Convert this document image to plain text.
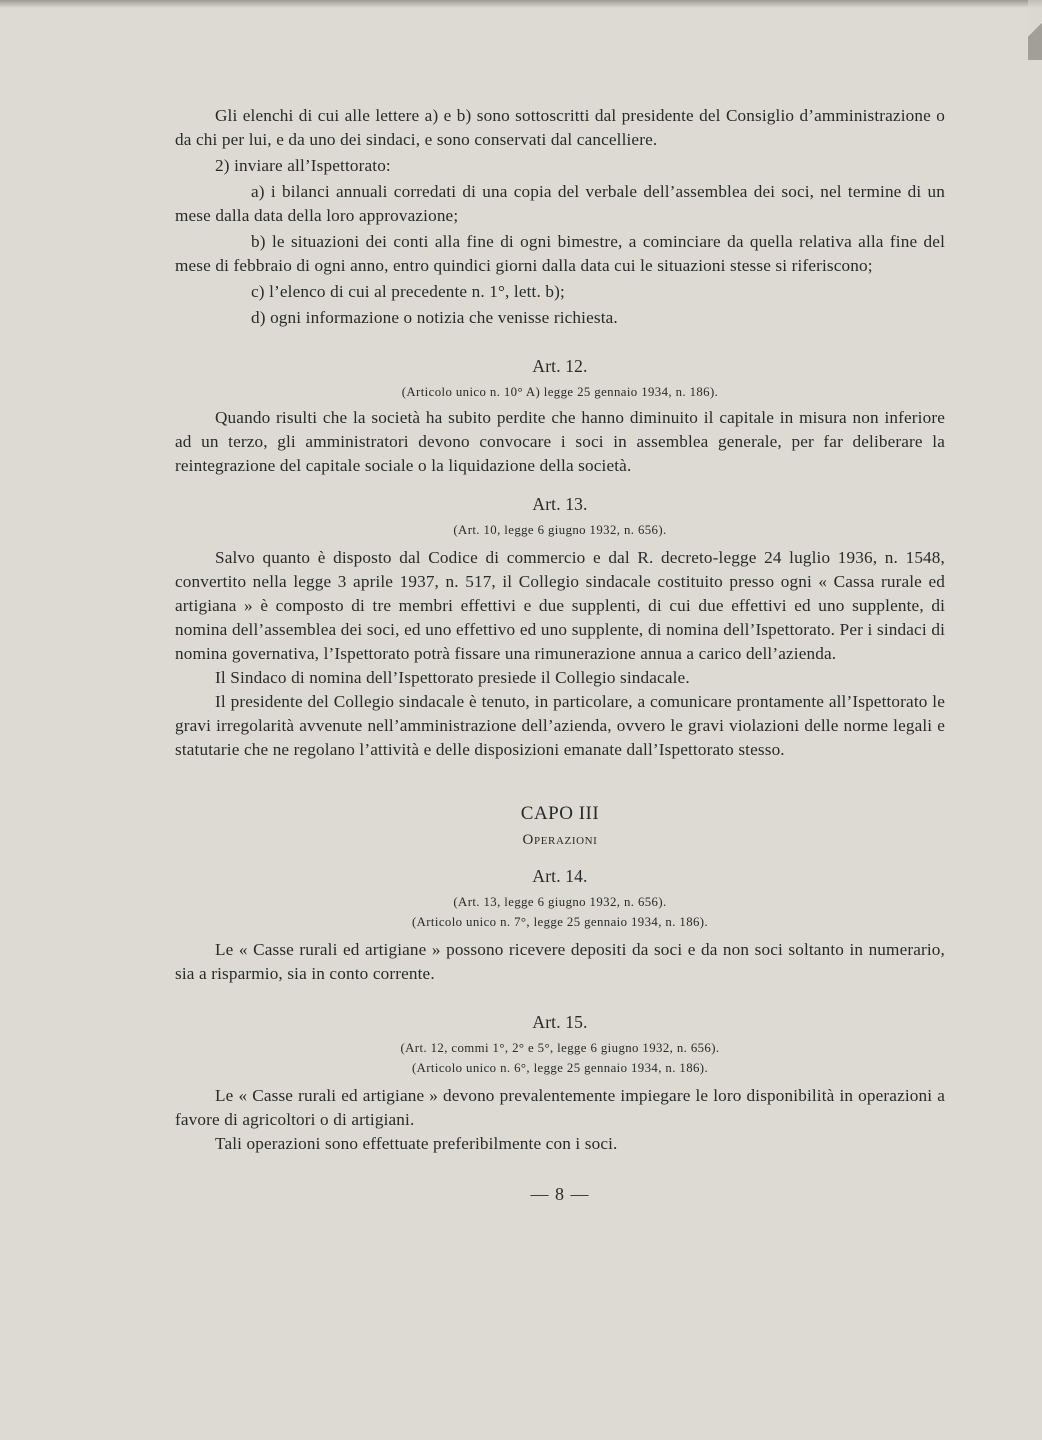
Gli elenchi di cui alle lettere a) e b) sono sottoscritti dal presidente del Consiglio d’amministrazione o da chi per lui, e da uno dei sindaci, e sono conservati dal cancelliere.

2) inviare all’Ispettorato:

a) i bilanci annuali corredati di una copia del verbale dell’assemblea dei soci, nel termine di un mese dalla data della loro approvazione;

b) le situazioni dei conti alla fine di ogni bimestre, a cominciare da quella relativa alla fine del mese di febbraio di ogni anno, entro quindici giorni dalla data cui le situazioni stesse si riferiscono;

c) l’elenco di cui al precedente n. 1°, lett. b);

d) ogni informazione o notizia che venisse richiesta.

Art. 12.

(Articolo unico n. 10° A) legge 25 gennaio 1934, n. 186).

Quando risulti che la società ha subito perdite che hanno diminuito il capitale in misura non inferiore ad un terzo, gli amministratori devono convocare i soci in assemblea generale, per far deliberare la reintegrazione del capitale sociale o la liquidazione della società.

Art. 13.

(Art. 10, legge 6 giugno 1932, n. 656).

Salvo quanto è disposto dal Codice di commercio e dal R. decreto-legge 24 luglio 1936, n. 1548, convertito nella legge 3 aprile 1937, n. 517, il Collegio sindacale costituito presso ogni « Cassa rurale ed artigiana » è composto di tre membri effettivi e due supplenti, di cui due effettivi ed uno supplente, di nomina dell’assemblea dei soci, ed uno effettivo ed uno supplente, di nomina dell’Ispettorato. Per i sindaci di nomina governativa, l’Ispettorato potrà fissare una rimunerazione annua a carico dell’azienda.

Il Sindaco di nomina dell’Ispettorato presiede il Collegio sindacale.

Il presidente del Collegio sindacale è tenuto, in particolare, a comunicare prontamente all’Ispettorato le gravi irregolarità avvenute nell’amministrazione dell’azienda, ovvero le gravi violazioni delle norme legali e statutarie che ne regolano l’attività e delle disposizioni emanate dall’Ispettorato stesso.

CAPO III

Operazioni

Art. 14.

(Art. 13, legge 6 giugno 1932, n. 656).

(Articolo unico n. 7°, legge 25 gennaio 1934, n. 186).

Le « Casse rurali ed artigiane » possono ricevere depositi da soci e da non soci soltanto in numerario, sia a risparmio, sia in conto corrente.

Art. 15.

(Art. 12, commi 1°, 2° e 5°, legge 6 giugno 1932, n. 656).

(Articolo unico n. 6°, legge 25 gennaio 1934, n. 186).

Le « Casse rurali ed artigiane » devono prevalentemente impiegare le loro disponibilità in operazioni a favore di agricoltori o di artigiani.

Tali operazioni sono effettuate preferibilmente con i soci.

— 8 —
